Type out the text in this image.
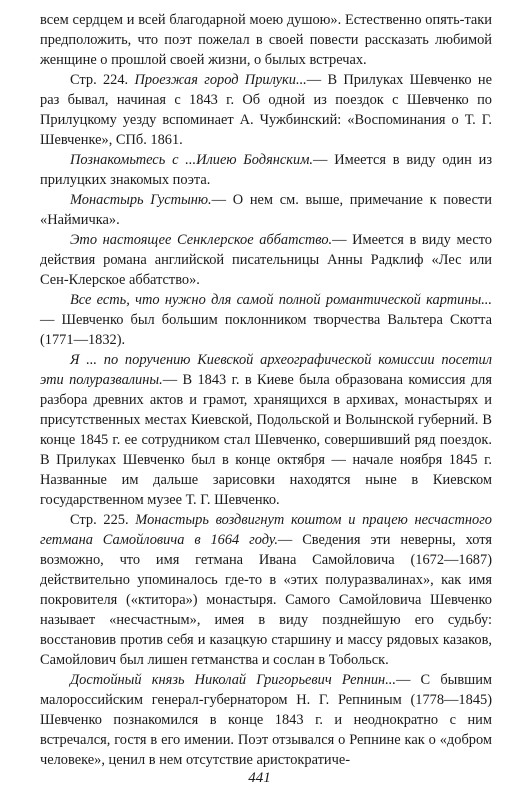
всем сердцем и всей благодарной моею душою». Естественно опять-таки предположить, что поэт пожелал в своей повести рассказать любимой женщине о прошлой своей жизни, о былых встречах.

Стр. 224. Проезжая город Прилуки...— В Прилуках Шевченко не раз бывал, начиная с 1843 г. Об одной из поездок с Шевченко по Прилуцкому уезду вспоминает А. Чужбинский: «Воспоминания о Т. Г. Шевченке», СПб. 1861.

Познакомьтесь с ...Илиею Бодянским.— Имеется в виду один из прилуцких знакомых поэта.

Монастырь Густыню.— О нем см. выше, примечание к повести «Наймичка».

Это настоящее Сенклерское аббатство.— Имеется в виду место действия романа английской писательницы Анны Радклиф «Лес или Сен-Клерское аббатство».

Все есть, что нужно для самой полной романтической картины...— Шевченко был большим поклонником творчества Вальтера Скотта (1771—1832).

Я ... по поручению Киевской археографической комиссии посетил эти полуразвалины.— В 1843 г. в Киеве была образована комиссия для разбора древних актов и грамот, хранящихся в архивах, монастырях и присутственных местах Киевской, Подольской и Волынской губерний. В конце 1845 г. ее сотрудником стал Шевченко, совершивший ряд поездок. В Прилуках Шевченко был в конце октября — начале ноября 1845 г. Названные им дальше зарисовки находятся ныне в Киевском государственном музее Т. Г. Шевченко.

Стр. 225. Монастырь воздвигнут коштом и працею несчастного гетмана Самойловича в 1664 году.— Сведения эти неверны, хотя возможно, что имя гетмана Ивана Самойловича (1672—1687) действительно упоминалось где-то в «этих полуразвалинах», как имя покровителя («ктитора») монастыря. Самого Самойловича Шевченко называет «несчастным», имея в виду позднейшую его судьбу: восстановив против себя и казацкую старшину и массу рядовых казаков, Самойлович был лишен гетманства и сослан в Тобольск.

Достойный князь Николай Григорьевич Репнин...— С бывшим малороссийским генерал-губернатором Н. Г. Репниным (1778—1845) Шевченко познакомился в конце 1843 г. и неоднократно с ним встречался, гостя в его имении. Поэт отзывался о Репнине как о «добром человеке», ценил в нем отсутствие аристократиче-

441
